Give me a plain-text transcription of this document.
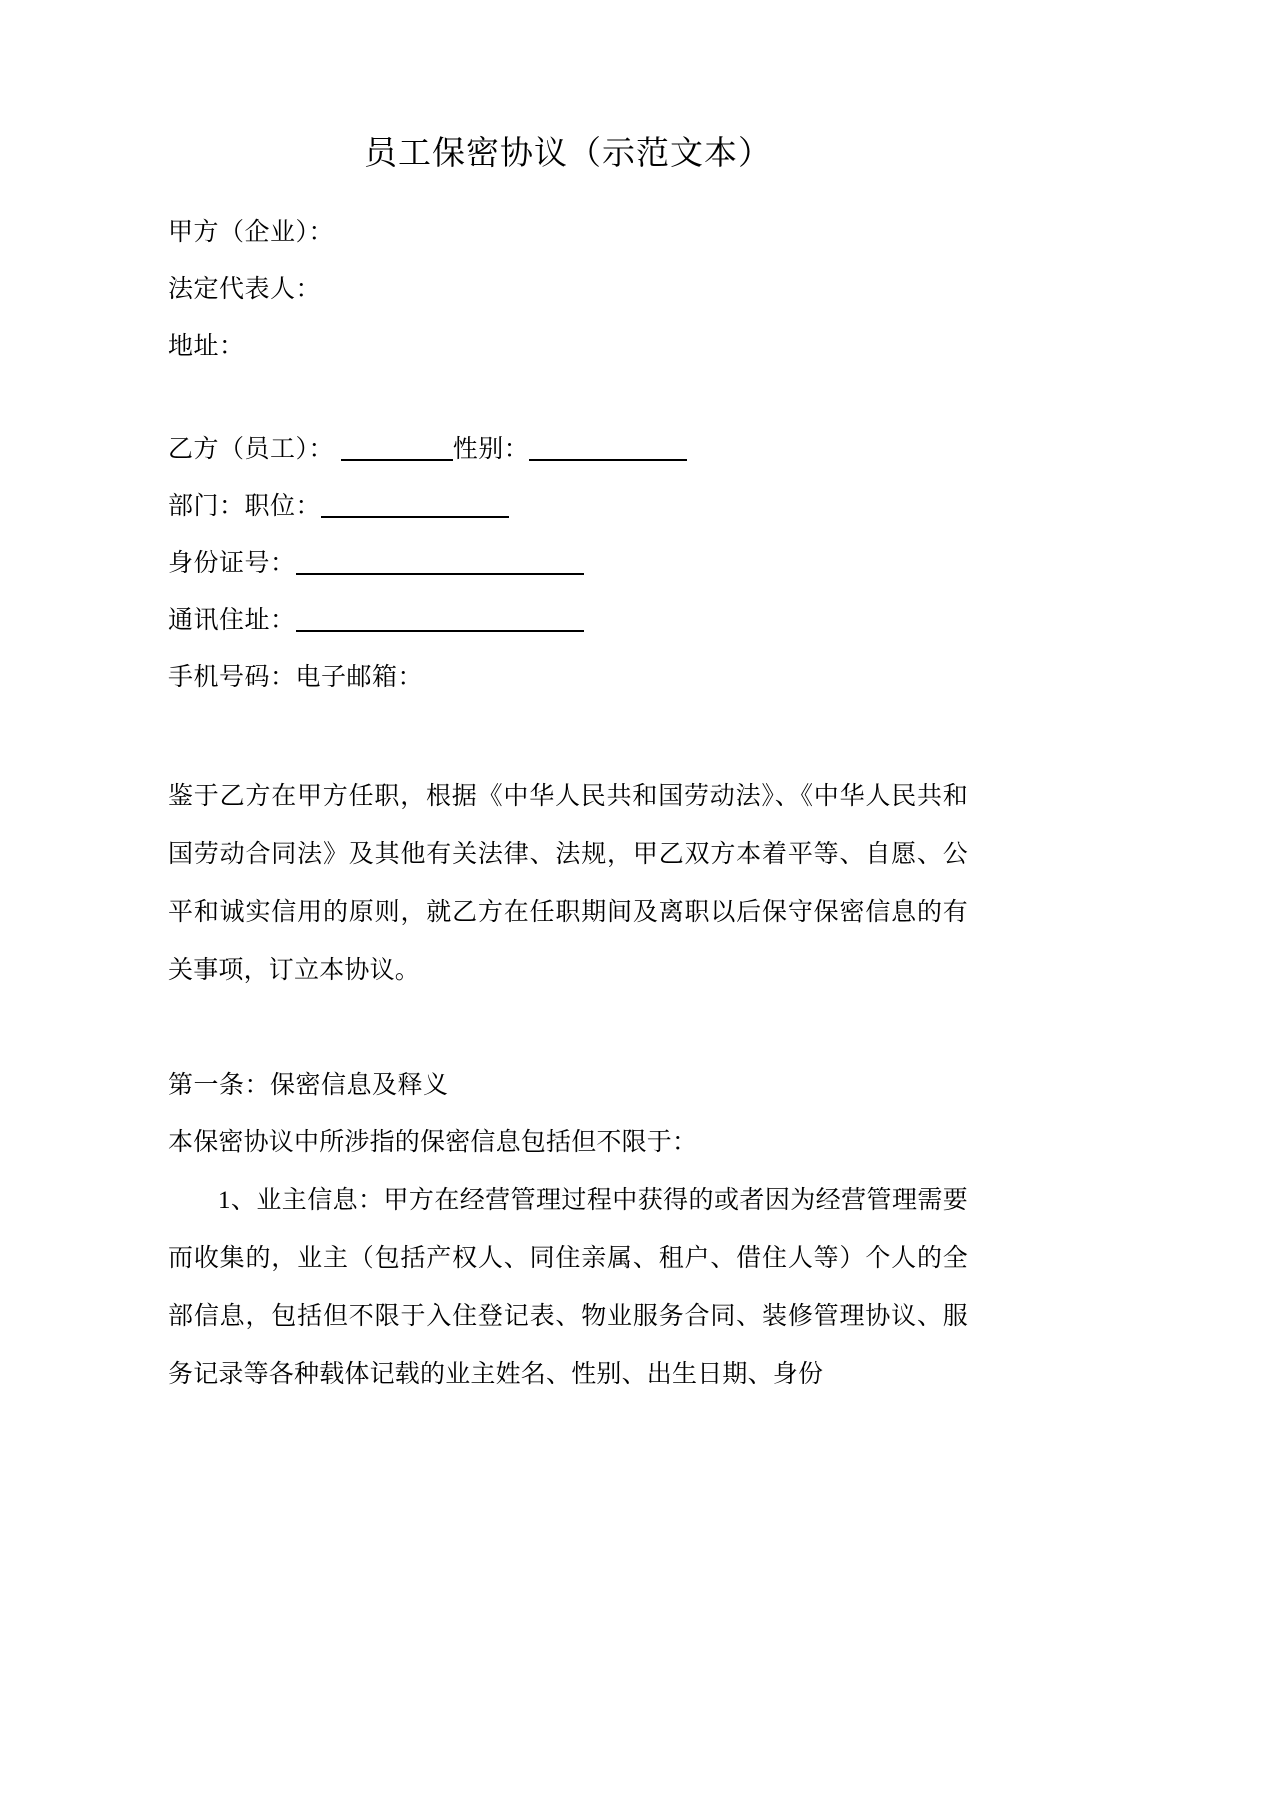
员工保密协议（示范文本）
甲方（企业）：
法定代表人：
地址：
乙方（员工）：	性别：
部门：职位：
身份证号：
通讯住址：
手机号码：电子邮箱：

鉴于乙方在甲方任职，根据《中华人民共和国劳动法》、《中华人民共和国劳动合同法》及其他有关法律、法规，甲乙双方本着平等、自愿、公平和诚实信用的原则，就乙方在任职期间及离职以后保守保密信息的有关事项，订立本协议。

第一条：保密信息及释义

本保密协议中所涉指的保密信息包括但不限于：

1、业主信息：甲方在经营管理过程中获得的或者因为经营管理需要而收集的，业主（包括产权人、同住亲属、租户、借住人等）个人的全部信息，包括但不限于入住登记表、物业服务合同、装修管理协议、服务记录等各种载体记载的业主姓名、性别、出生日期、身份
